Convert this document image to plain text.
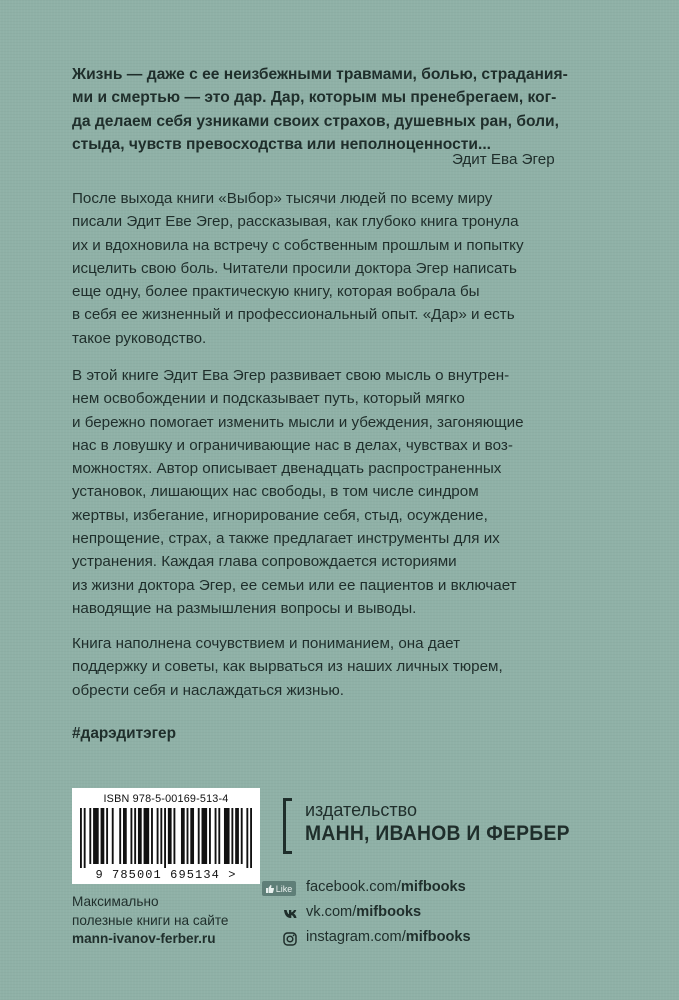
Жизнь — даже с ее неизбежными травмами, болью, страдания-
ми и смертью — это дар. Дар, которым мы пренебрегаем, ког-
да делаем себя узниками своих страхов, душевных ран, боли,
стыда, чувств превосходства или неполноценности...
Эдит Ева Эгер
После выхода книги «Выбор» тысячи людей по всему миру
писали Эдит Еве Эгер, рассказывая, как глубоко книга тронула
их и вдохновила на встречу с собственным прошлым и попытку
исцелить свою боль. Читатели просили доктора Эгер написать
еще одну, более практическую книгу, которая вобрала бы
в себя ее жизненный и профессиональный опыт. «Дар» и есть
такое руководство.
В этой книге Эдит Ева Эгер развивает свою мысль о внутрен-
нем освобождении и подсказывает путь, который мягко
и бережно помогает изменить мысли и убеждения, загоняющие
нас в ловушку и ограничивающие нас в делах, чувствах и воз-
можностях. Автор описывает двенадцать распространенных
установок, лишающих нас свободы, в том числе синдром
жертвы, избегание, игнорирование себя, стыд, осуждение,
непрощение, страх, а также предлагает инструменты для их
устранения. Каждая глава сопровождается историями
из жизни доктора Эгер, ее семьи или ее пациентов и включает
наводящие на размышления вопросы и выводы.
Книга наполнена сочувствием и пониманием, она дает
поддержку и советы, как вырваться из наших личных тюрем,
обрести себя и наслаждаться жизнью.
#дарэдитэгер
ISBN 978-5-00169-513-4
9 785001 695134 >
Максимально
полезные книги на сайте
mann-ivanov-ferber.ru
издательство
МАНН, ИВАНОВ И ФЕРБЕР
Like facebook.com/mifbooks
vk.com/mifbooks
instagram.com/mifbooks
